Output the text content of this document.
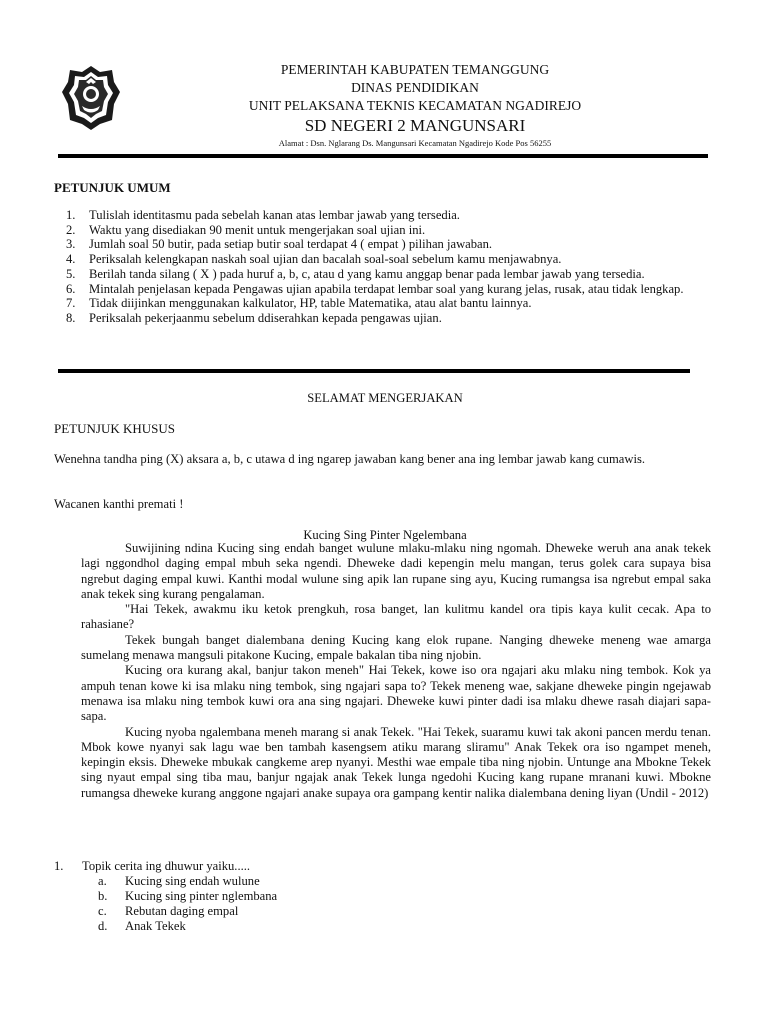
PEMERINTAH KABUPATEN TEMANGGUNG
DINAS PENDIDIKAN
UNIT PELAKSANA TEKNIS KECAMATAN NGADIREJO
SD NEGERI 2 MANGUNSARI
Alamat : Dsn. Nglarang Ds. Mangunsari Kecamatan Ngadirejo Kode Pos 56255
PETUNJUK UMUM
1. Tulislah identitasmu pada sebelah kanan atas lembar jawab yang tersedia.
2. Waktu yang disediakan 90 menit untuk mengerjakan soal ujian ini.
3. Jumlah soal 50 butir, pada setiap butir soal terdapat 4 ( empat ) pilihan jawaban.
4. Periksalah kelengkapan naskah soal ujian dan bacalah soal-soal sebelum kamu menjawabnya.
5. Berilah tanda silang ( X ) pada huruf a, b, c, atau d yang kamu anggap benar pada lembar jawab yang tersedia.
6. Mintalah penjelasan kepada Pengawas ujian apabila terdapat lembar soal yang kurang jelas, rusak, atau tidak lengkap.
7. Tidak diijinkan menggunakan kalkulator, HP, table Matematika, atau alat bantu lainnya.
8. Periksalah pekerjaanmu sebelum ddiserahkan kepada pengawas ujian.
SELAMAT MENGERJAKAN
PETUNJUK KHUSUS
Wenehna tandha ping (X) aksara a, b, c utawa d ing ngarep jawaban kang bener ana ing lembar jawab kang cumawis.
Wacanen kanthi premati !
Kucing Sing Pinter Ngelembana

Suwijining ndina Kucing sing endah banget wulune mlaku-mlaku ning ngomah. Dheweke weruh ana anak tekek lagi nggondhol daging empal mbuh seka ngendi. Dheweke dadi kepengin melu mangan, terus golek cara supaya bisa ngrebut daging empal kuwi. Kanthi modal wulune sing apik lan rupane sing ayu, Kucing rumangsa isa ngrebut empal saka anak tekek sing kurang pengalaman.

"Hai Tekek, awakmu iku ketok prengkuh, rosa banget, lan kulitmu kandel ora tipis kaya kulit cecak. Apa to rahasiane?

Tekek bungah banget dialembana dening Kucing kang elok rupane. Nanging dheweke meneng wae amarga sumelang menawa mangsuli pitakone Kucing, empale bakalan tiba ning njobin.

Kucing ora kurang akal, banjur takon meneh" Hai Tekek, kowe iso ora ngajari aku mlaku ning tembok. Kok ya ampuh tenan kowe ki isa mlaku ning tembok, sing ngajari sapa to? Tekek meneng wae, sakjane dheweke pingin ngejawab menawa isa mlaku ning tembok kuwi ora ana sing ngajari. Dheweke kuwi pinter dadi isa mlaku dhewe rasah diajari sapa-sapa.

Kucing nyoba ngalembana meneh marang si anak Tekek. "Hai Tekek, suaramu kuwi tak akoni pancen merdu tenan. Mbok kowe nyanyi sak lagu wae ben tambah kasengsem atiku marang sliramu" Anak Tekek ora iso ngampet meneh, kepingin eksis. Dheweke mbukak cangkeme arep nyanyi. Mesthi wae empale tiba ning njobin. Untunge ana Mbokne Tekek sing nyaut empal sing tiba mau, banjur ngajak anak Tekek lunga ngedohi Kucing kang rupane mranani kuwi. Mbokne rumangsa dheweke kurang anggone ngajari anake supaya ora gampang kentir nalika dialembana dening liyan (Undil - 2012)

1. Topik cerita ing dhuwur yaiku.....
a. Kucing sing endah wulune
b. Kucing sing pinter nglembana
c. Rebutan daging empal
d. Anak Tekek
